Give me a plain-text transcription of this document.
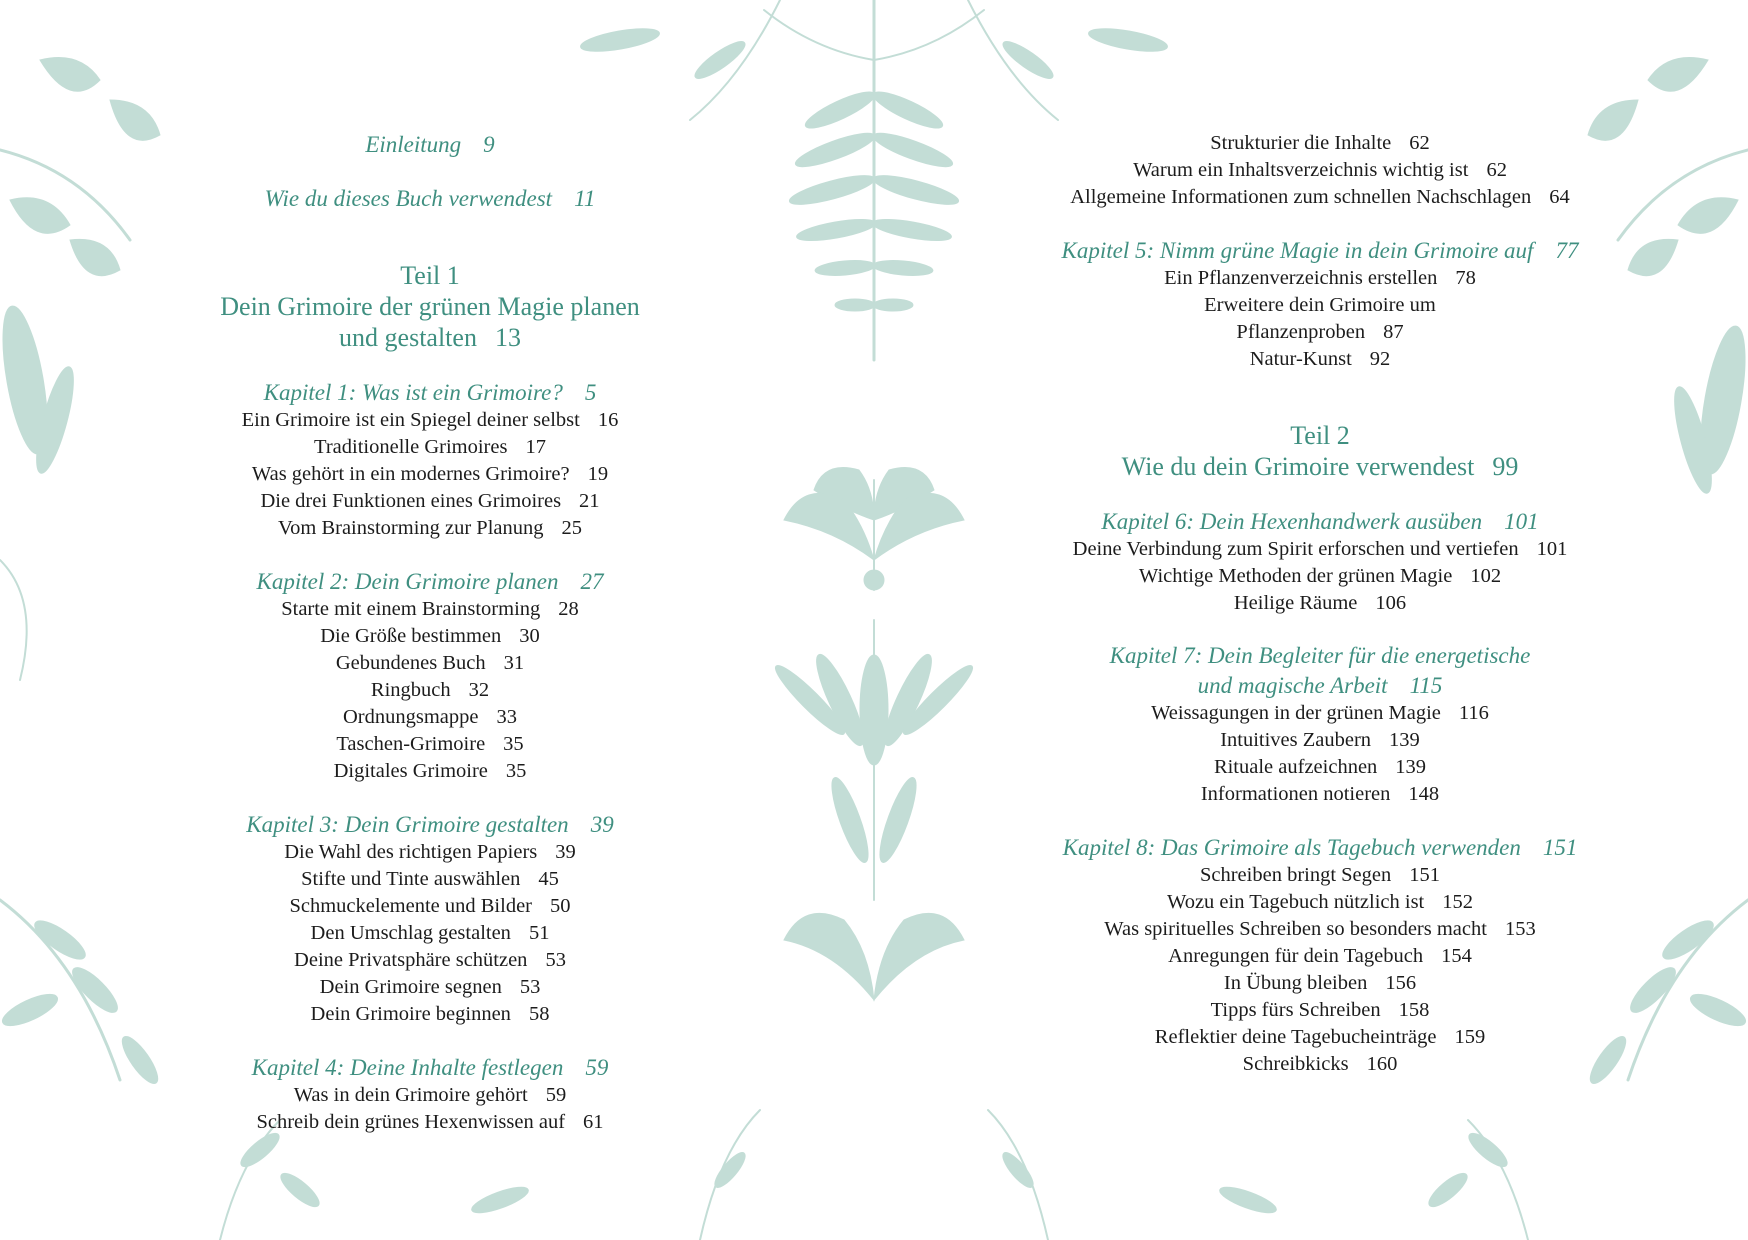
Einleitung 9
Wie du dieses Buch verwendest 11
Teil 1
Dein Grimoire der grünen Magie planen
und gestalten 13
Kapitel 1: Was ist ein Grimoire? 5
Kapitel 2: Dein Grimoire planen 27
Kapitel 3: Dein Grimoire gestalten 39
Kapitel 4: Deine Inhalte festlegen 59
Ein Grimoire ist ein Spiegel deiner selbst 16
Traditionelle Grimoires 17
Was gehört in ein modernes Grimoire? 19
Die drei Funktionen eines Grimoires 21
Vom Brainstorming zur Planung 25
Starte mit einem Brainstorming 28
Die Größe bestimmen 30
Gebundenes Buch 31
Ringbuch 32
Ordnungsmappe 33
Taschen-Grimoire 35
Digitales Grimoire 35
Die Wahl des richtigen Papiers 39
Stifte und Tinte auswählen 45
Schmuckelemente und Bilder 50
Den Umschlag gestalten 51
Deine Privatsphäre schützen 53
Dein Grimoire segnen 53
Dein Grimoire beginnen 58
Was in dein Grimoire gehört 59
Schreib dein grünes Hexenwissen auf 61
Kapitel 5: Nimm grüne Magie in dein Grimoire auf 77
Teil 2
Wie du dein Grimoire verwendest 99
Kapitel 6: Dein Hexenhandwerk ausüben 101
Kapitel 7: Dein Begleiter für die energetische
und magische Arbeit 115
Kapitel 8: Das Grimoire als Tagebuch verwenden 151
Strukturier die Inhalte 62
Warum ein Inhaltsverzeichnis wichtig ist 62
Allgemeine Informationen zum schnellen Nachschlagen 64
Ein Pflanzenverzeichnis erstellen 78
Erweitere dein Grimoire um
Pflanzenproben 87
Natur-Kunst 92
Deine Verbindung zum Spirit erforschen und vertiefen 101
Wichtige Methoden der grünen Magie 102
Heilige Räume 106
Weissagungen in der grünen Magie 116
Intuitives Zaubern 139
Rituale aufzeichnen 139
Informationen notieren 148
Schreiben bringt Segen 151
Wozu ein Tagebuch nützlich ist 152
Was spirituelles Schreiben so besonders macht 153
Anregungen für dein Tagebuch 154
In Übung bleiben 156
Tipps fürs Schreiben 158
Reflektier deine Tagebucheinträge 159
Schreibkicks 160
